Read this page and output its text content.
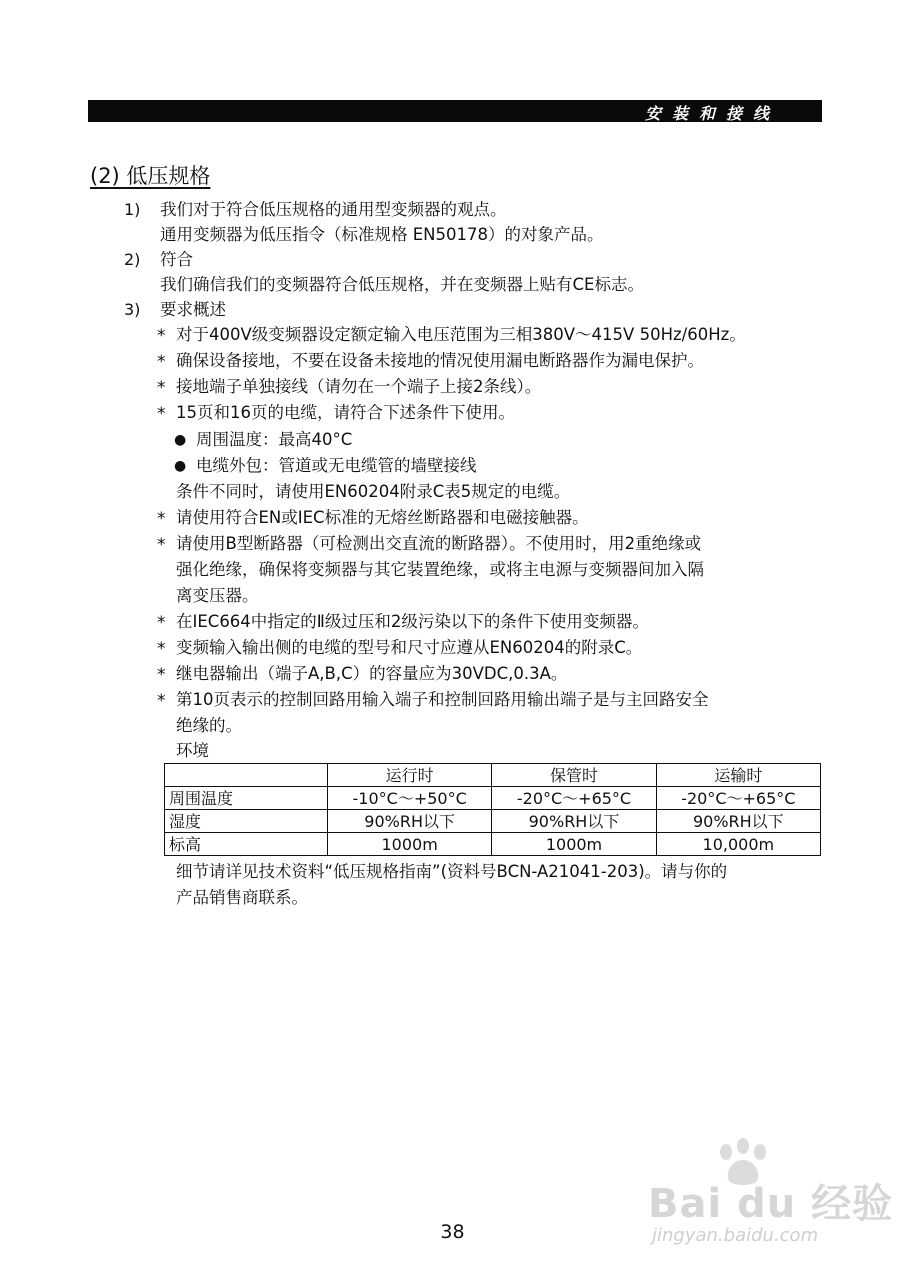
安装和接线
(2) 低压规格
1) 我们对于符合低压规格的通用型变频器的观点。
通用变频器为低压指令（标准规格 EN50178）的对象产品。
2) 符合
我们确信我们的变频器符合低压规格，并在变频器上贴有CE标志。
3) 要求概述
* 对于400V级变频器设定额定输入电压范围为三相380V～415V 50Hz/60Hz。
* 确保设备接地，不要在设备未接地的情况使用漏电断路器作为漏电保护。
* 接地端子单独接线（请勿在一个端子上接2条线）。
* 15页和16页的电缆，请符合下述条件下使用。
● 周围温度：最高40°C
● 电缆外包：管道或无电缆管的墙壁接线
条件不同时，请使用EN60204附录C表5规定的电缆。
* 请使用符合EN或IEC标准的无熔丝断路器和电磁接触器。
* 请使用B型断路器（可检测出交直流的断路器）。不使用时，用2重绝缘或
强化绝缘，确保将变频器与其它装置绝缘，或将主电源与变频器间加入隔
离变压器。
* 在IEC664中指定的Ⅱ级过压和2级污染以下的条件下使用变频器。
* 变频输入输出侧的电缆的型号和尺寸应遵从EN60204的附录C。
* 继电器输出（端子A,B,C）的容量应为30VDC,0.3A。
* 第10页表示的控制回路用输入端子和控制回路用输出端子是与主回路安全
绝缘的。
环境
	运行时	保管时	运输时
周围温度	-10°C～+50°C	-20°C～+65°C	-20°C～+65°C
湿度	90%RH以下	90%RH以下	90%RH以下
标高	1000m	1000m	10,000m
细节请详见技术资料“低压规格指南”(资料号BCN-A21041-203)。请与你的
产品销售商联系。
38
Bai du 经验
jingyan.baidu.com
